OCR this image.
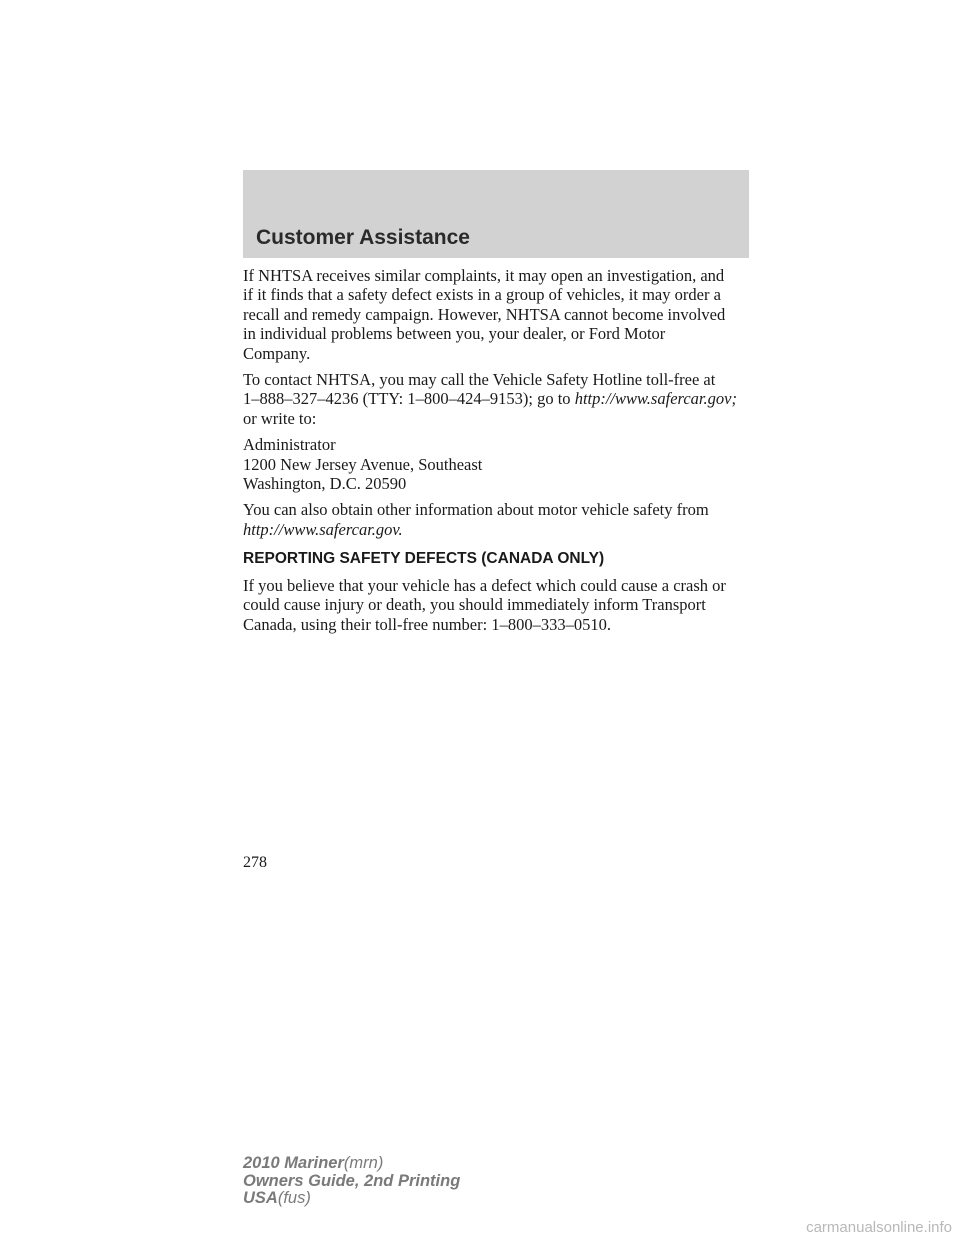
Customer Assistance

If NHTSA receives similar complaints, it may open an investigation, and
if it finds that a safety defect exists in a group of vehicles, it may order a
recall and remedy campaign. However, NHTSA cannot become involved
in individual problems between you, your dealer, or Ford Motor
Company.

To contact NHTSA, you may call the Vehicle Safety Hotline toll-free at
1–888–327–4236 (TTY: 1–800–424–9153); go to http://www.safercar.gov;
or write to:

Administrator
1200 New Jersey Avenue, Southeast
Washington, D.C. 20590

You can also obtain other information about motor vehicle safety from
http://www.safercar.gov.

REPORTING SAFETY DEFECTS (CANADA ONLY)

If you believe that your vehicle has a defect which could cause a crash or
could cause injury or death, you should immediately inform Transport
Canada, using their toll-free number: 1–800–333–0510.

278
2010 Mariner(mrn)
Owners Guide, 2nd Printing
USA(fus)
carmanualsonline.info
